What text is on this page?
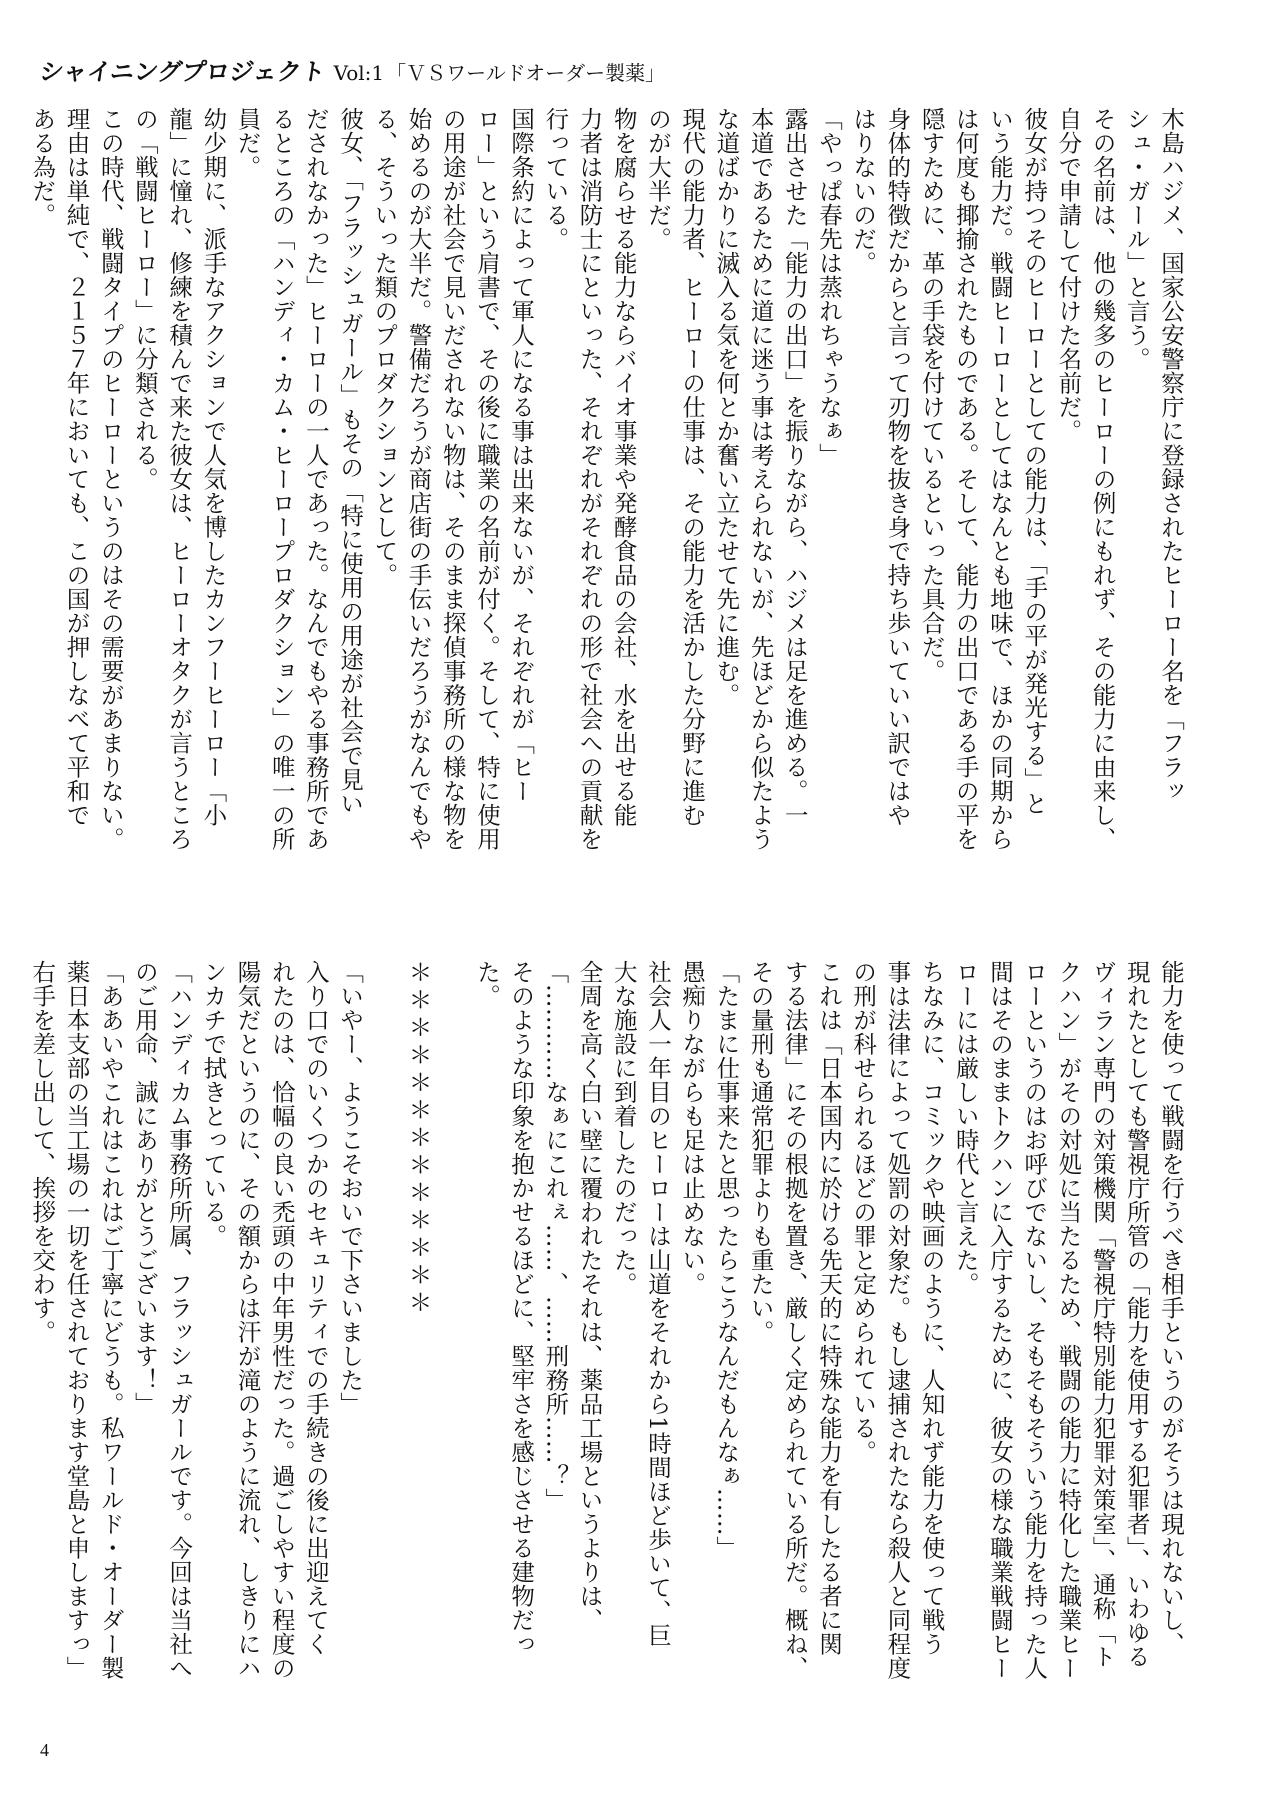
シャイニングプロジェクト Vol:1 「ＶＳワールドオーダー製薬」
木島ハジメ、国家公安警察庁に登録されたヒーロー名を「フラッ
シュ・ガール」と言う。
その名前は、他の幾多のヒーローの例にもれず、その能力に由来し、
自分で申請して付けた名前だ。
彼女が持つそのヒーローとしての能力は、「手の平が発光する」と
いう能力だ。戦闘ヒーローとしてはなんとも地味で、ほかの同期から
は何度も揶揄されたものである。そして、能力の出口である手の平を
隠すために、革の手袋を付けているといった具合だ。
身体的特徴だからと言って刃物を抜き身で持ち歩いていい訳ではや
はりないのだ。
「やっぱ春先は蒸れちゃうなぁ」
露出させた「能力の出口」を振りながら、ハジメは足を進める。一
本道であるために道に迷う事は考えられないが、先ほどから似たよう
な道ばかりに滅入る気を何とか奮い立たせて先に進む。
現代の能力者、ヒーローの仕事は、その能力を活かした分野に進む
のが大半だ。
物を腐らせる能力ならバイオ事業や発酵食品の会社、水を出せる能
力者は消防士にといった、それぞれがそれぞれの形で社会への貢献を
行っている。
国際条約によって軍人になる事は出来ないが、それぞれが「ヒー
ロー」という肩書で、その後に職業の名前が付く。そして、特に使用
の用途が社会で見いだされない物は、そのまま探偵事務所の様な物を
始めるのが大半だ。警備だろうが商店街の手伝いだろうがなんでもや
る、そういった類のプロダクションとして。
彼女、「フラッシュガール」もその「特に使用の用途が社会で見い
だされなかった」ヒーローの一人であった。なんでもやる事務所であ
るところの「ハンディ・カム・ヒーロープロダクション」の唯一の所
員だ。
幼少期に、派手なアクションで人気を博したカンフーヒーロー「小
龍」に憧れ、修練を積んで来た彼女は、ヒーローオタクが言うところ
の「戦闘ヒーロー」に分類される。
この時代、戦闘タイプのヒーローというのはその需要があまりない。
理由は単純で、２１５７年においても、この国が押しなべて平和で
ある為だ。
能力を使って戦闘を行うべき相手というのがそうは現れないし、
現れたとしても警視庁所管の「能力を使用する犯罪者」、いわゆる
ヴィラン専門の対策機関「警視庁特別能力犯罪対策室」、通称「ト
クハン」がその対処に当たるため、戦闘の能力に特化した職業ヒー
ローというのはお呼びでないし、そもそもそういう能力を持った人
間はそのままトクハンに入庁するために、彼女の様な職業戦闘ヒー
ローには厳しい時代と言えた。
ちなみに、コミックや映画のように、人知れず能力を使って戦う
事は法律によって処罰の対象だ。もし逮捕されたなら殺人と同程度
の刑が科せられるほどの罪と定められている。
これは「日本国内に於ける先天的に特殊な能力を有したる者に関
する法律」にその根拠を置き、厳しく定められている所だ。概ね、
その量刑も通常犯罪よりも重たい。
「たまに仕事来たと思ったらこうなんだもんなぁ……」
愚痴りながらも足は止めない。
社会人一年目のヒーローは山道をそれから1時間ほど歩いて、巨
大な施設に到着したのだった。
全周を高く白い壁に覆われたそれは、薬品工場というよりは、
「…………なぁにこれぇ……、……刑務所……？」
そのような印象を抱かせるほどに、堅牢さを感じさせる建物だっ
た。
＊＊＊＊＊＊＊＊＊＊＊＊＊
「いやー、ようこそおいで下さいました」
入り口でのいくつかのセキュリティでの手続きの後に出迎えてく
れたのは、恰幅の良い禿頭の中年男性だった。過ごしやすい程度の
陽気だというのに、その額からは汗が滝のように流れ、しきりにハ
ンカチで拭きとっている。
「ハンディカム事務所所属、フラッシュガールです。今回は当社へ
のご用命、誠にありがとうございます！」
「ああいやこれはこれはご丁寧にどうも。私ワールド・オーダー製
薬日本支部の当工場の一切を任されております堂島と申しますっ」
右手を差し出して、挨拶を交わす。
4
